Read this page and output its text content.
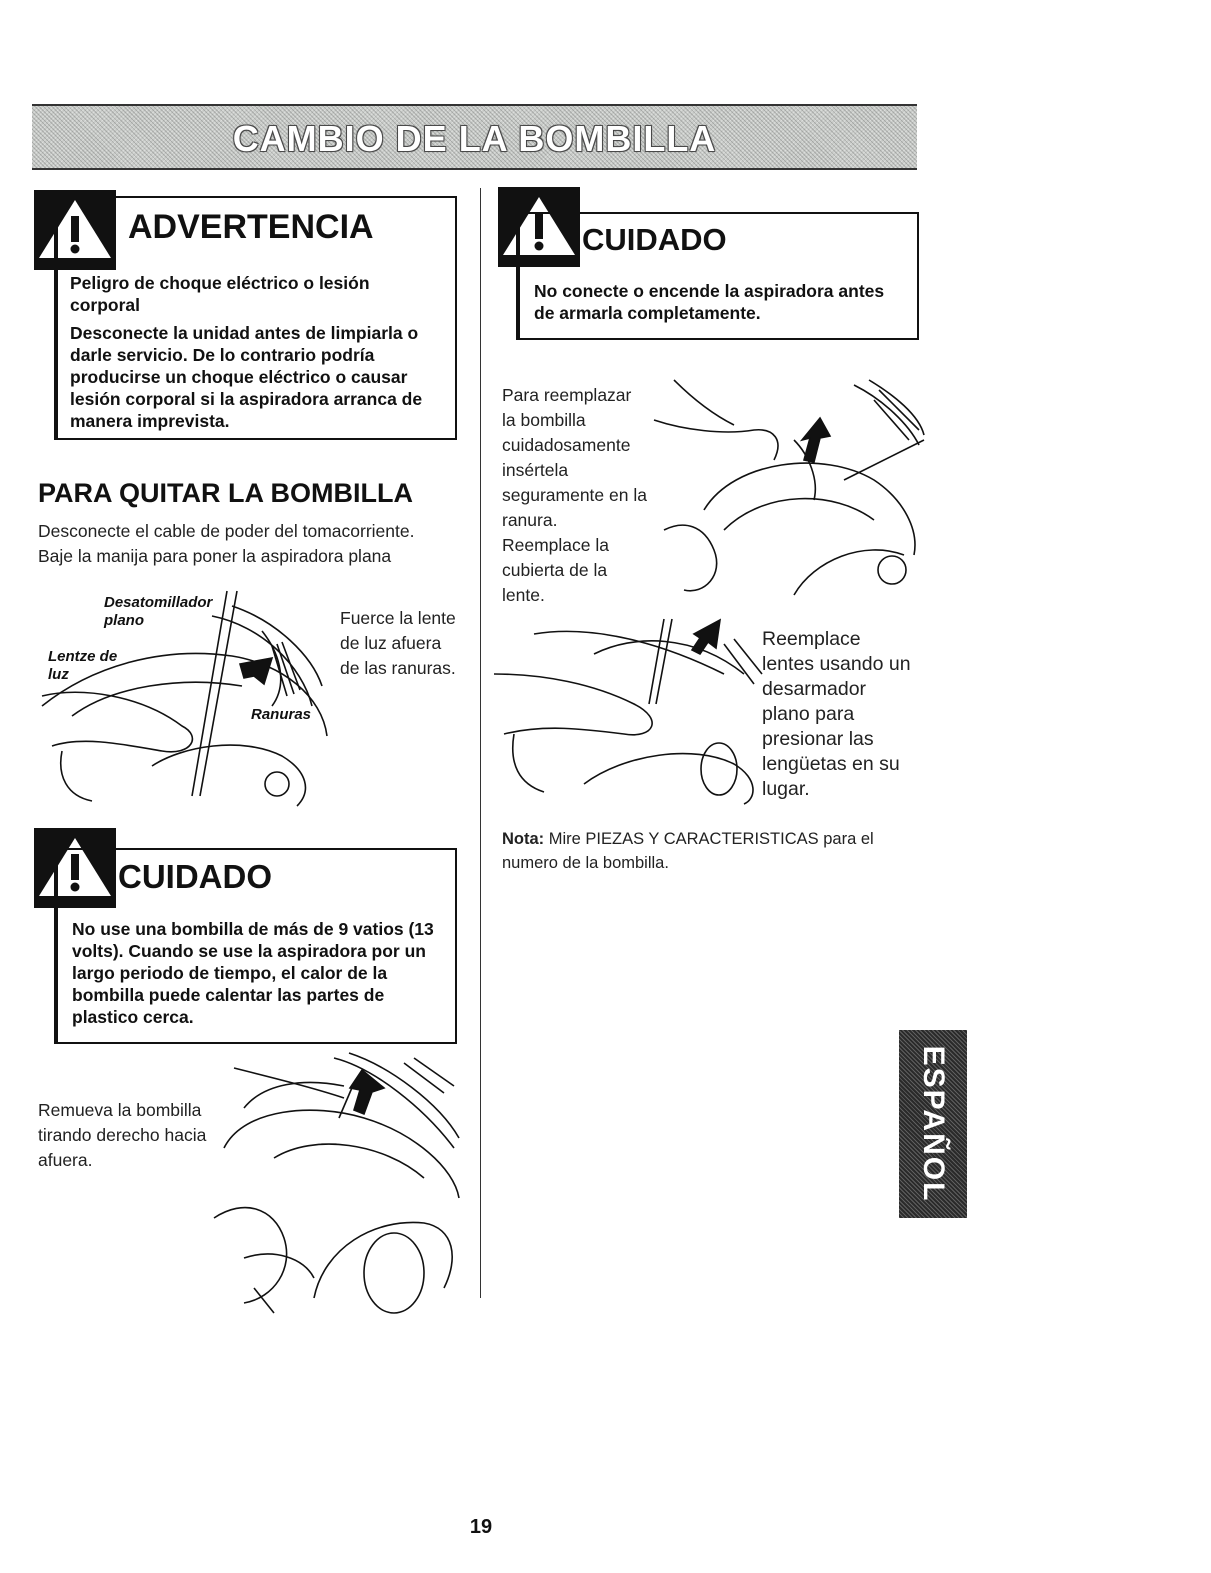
CAMBIO DE LA BOMBILLA
ADVERTENCIA

Peligro de choque eléctrico o lesión corporal

Desconecte la unidad antes de limpiarla o darle servicio. De lo contrario podría producirse un choque eléctrico o causar lesión corporal si la aspiradora arranca de manera imprevista.

CUIDADO
No conecte o encende la aspiradora antes de armarla completamente.
PARA QUITAR LA BOMBILLA
Desconecte el cable de poder del tomacorriente. Baje la manija para poner la aspiradora plana
Desatomillador plano
Lentze de luz
Ranuras
Fuerce la lente de luz afuera de las ranuras.
CUIDADO
No use una bombilla de más de 9 vatios (13 volts). Cuando se use la aspiradora por un largo periodo de tiempo, el calor de la bombilla puede calentar las partes de plastico cerca.
Remueva la bombilla tirando derecho hacia afuera.
Para reemplazar la bombilla cuidadosamente insértela seguramente en la ranura. Reemplace la cubierta de la lente.
Reemplace lentes usando un desarmador plano para presionar las lengüetas en su lugar.
Nota: Mire PIEZAS Y CARACTERISTICAS para el numero de la bombilla.
ESPAÑOL
19
